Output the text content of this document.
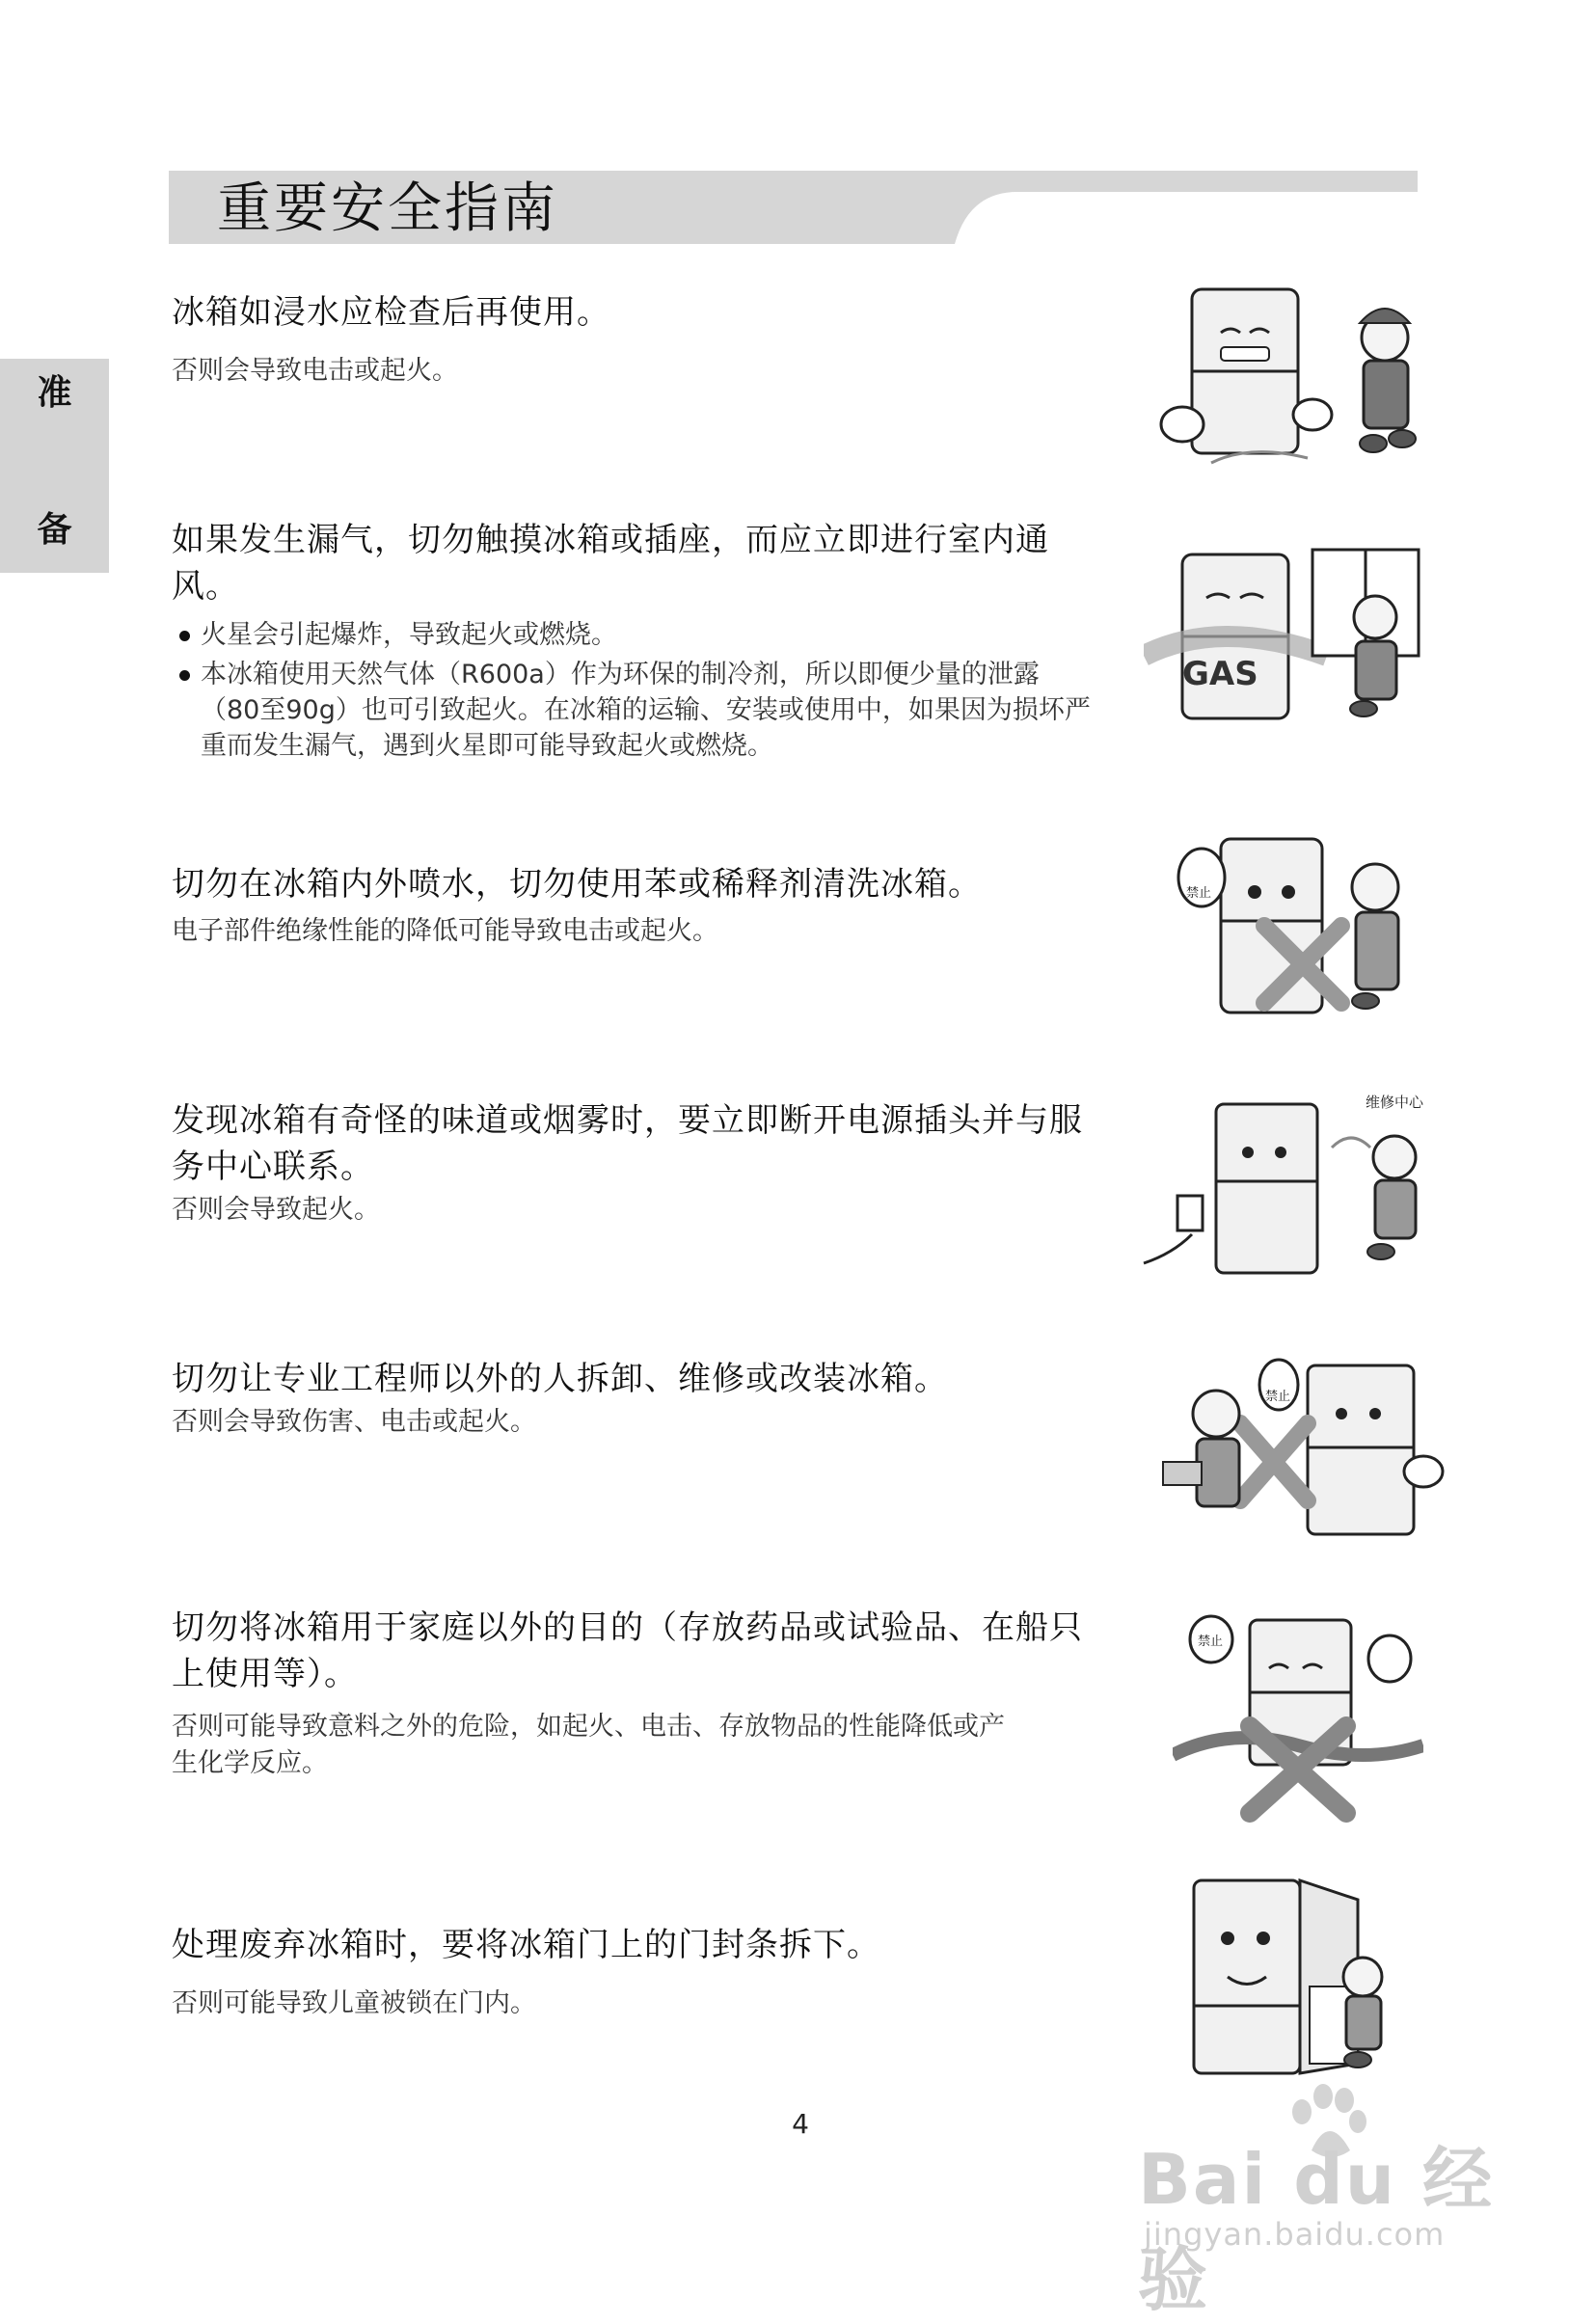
重要安全指南
准
备
冰箱如浸水应检查后再使用。

否则会导致电击或起火。

如果发生漏气，切勿触摸冰箱或插座，而应立即进行室内通风。
火星会引起爆炸，导致起火或燃烧。
本冰箱使用天然气体（R600a）作为环保的制冷剂，所以即便少量的泄露（80至90g）也可引致起火。在冰箱的运输、安装或使用中，如果因为损坏严重而发生漏气，遇到火星即可能导致起火或燃烧。
GAS
切勿在冰箱内外喷水，切勿使用苯或稀释剂清洗冰箱。

电子部件绝缘性能的降低可能导致电击或起火。

禁止
发现冰箱有奇怪的味道或烟雾时，要立即断开电源插头并与服务中心联系。

否则会导致起火。

维修中心
切勿让专业工程师以外的人拆卸、维修或改装冰箱。

否则会导致伤害、电击或起火。

禁止
切勿将冰箱用于家庭以外的目的（存放药品或试验品、在船只上使用等）。

否则可能导致意料之外的危险，如起火、电击、存放物品的性能降低或产生化学反应。

禁止
处理废弃冰箱时，要将冰箱门上的门封条拆下。

否则可能导致儿童被锁在门内。

4
Bai du 经验
jingyan.baidu.com
